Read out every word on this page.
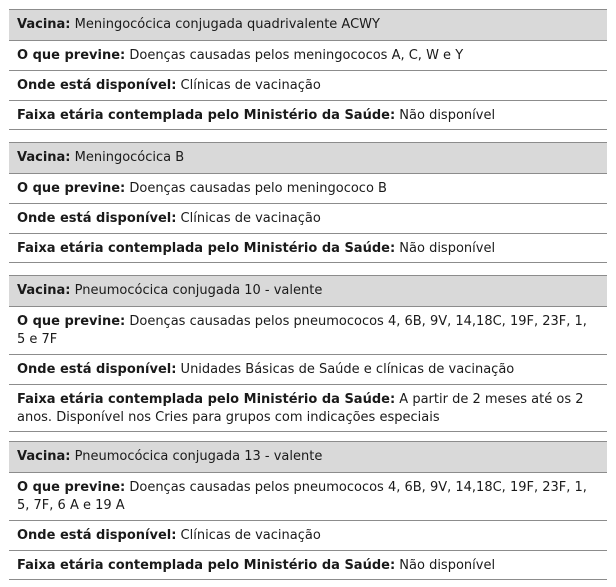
Vacina: Meningocócica conjugada quadrivalente ACWY
O que previne: Doenças causadas pelos meningococos A, C, W e Y
Onde está disponível: Clínicas de vacinação
Faixa etária contemplada pelo Ministério da Saúde: Não disponível
Vacina: Meningocócica B
O que previne: Doenças causadas pelo meningococo B
Onde está disponível: Clínicas de vacinação
Faixa etária contemplada pelo Ministério da Saúde: Não disponível
Vacina: Pneumocócica conjugada 10 - valente
O que previne: Doenças causadas pelos pneumococos 4, 6B, 9V, 14,18C, 19F, 23F, 1, 5 e 7F
Onde está disponível: Unidades Básicas de Saúde e clínicas de vacinação
Faixa etária contemplada pelo Ministério da Saúde: A partir de 2 meses até os 2 anos. Disponível nos Cries para grupos com indicações especiais
Vacina: Pneumocócica conjugada 13 - valente
O que previne: Doenças causadas pelos pneumococos 4, 6B, 9V, 14,18C, 19F, 23F, 1, 5, 7F, 6 A e 19 A
Onde está disponível: Clínicas de vacinação
Faixa etária contemplada pelo Ministério da Saúde: Não disponível
